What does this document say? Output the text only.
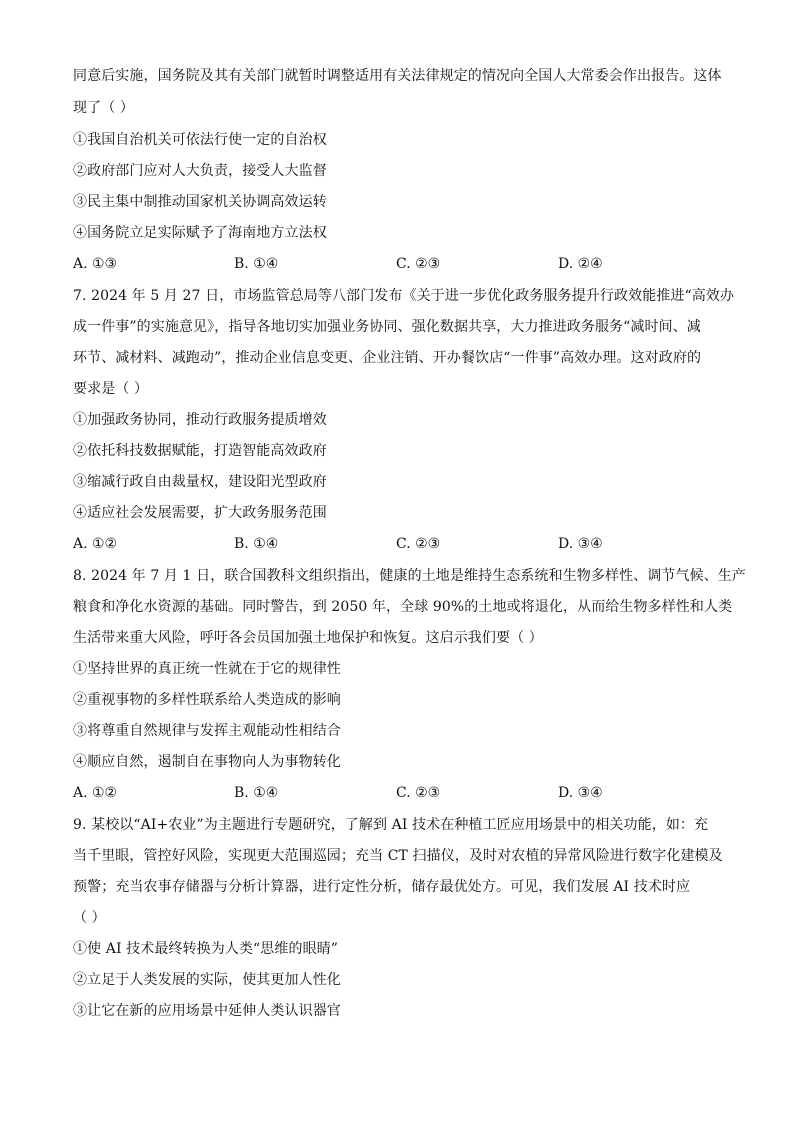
同意后实施，国务院及其有关部门就暂时调整适用有关法律规定的情况向全国人大常委会作出报告。这体
现了（ ）
①我国自治机关可依法行使一定的自治权
②政府部门应对人大负责，接受人大监督
③民主集中制推动国家机关协调高效运转
④国务院立足实际赋予了海南地方立法权
A. ①③	B. ①④	C. ②③	D. ②④
7. 2024 年 5 月 27 日，市场监管总局等八部门发布《关于进一步优化政务服务提升行政效能推进“高效办
成一件事”的实施意见》，指导各地切实加强业务协同、强化数据共享，大力推进政务服务“减时间、减
环节、减材料、减跑动”，推动企业信息变更、企业注销、开办餐饮店“一件事”高效办理。这对政府的
要求是（ ）
①加强政务协同，推动行政服务提质增效
②依托科技数据赋能，打造智能高效政府
③缩减行政自由裁量权，建设阳光型政府
④适应社会发展需要，扩大政务服务范围
A. ①②	B. ①④	C. ②③	D. ③④
8. 2024 年 7 月 1 日，联合国教科文组织指出，健康的土地是维持生态系统和生物多样性、调节气候、生产
粮食和净化水资源的基础。同时警告，到 2050 年，全球 90%的土地或将退化，从而给生物多样性和人类
生活带来重大风险，呼吁各会员国加强土地保护和恢复。这启示我们要（ ）
①坚持世界的真正统一性就在于它的规律性
②重视事物的多样性联系给人类造成的影响
③将尊重自然规律与发挥主观能动性相结合
④顺应自然，遏制自在事物向人为事物转化
A. ①②	B. ①④	C. ②③	D. ③④
9. 某校以“AI+农业”为主题进行专题研究，了解到 AI 技术在种植工匠应用场景中的相关功能，如：充
当千里眼，管控好风险，实现更大范围巡园；充当 CT 扫描仪，及时对农植的异常风险进行数字化建模及
预警；充当农事存储器与分析计算器，进行定性分析，储存最优处方。可见，我们发展 AI 技术时应
（ ）
①使 AI 技术最终转换为人类“思维的眼睛”
②立足于人类发展的实际，使其更加人性化
③让它在新的应用场景中延伸人类认识器官
